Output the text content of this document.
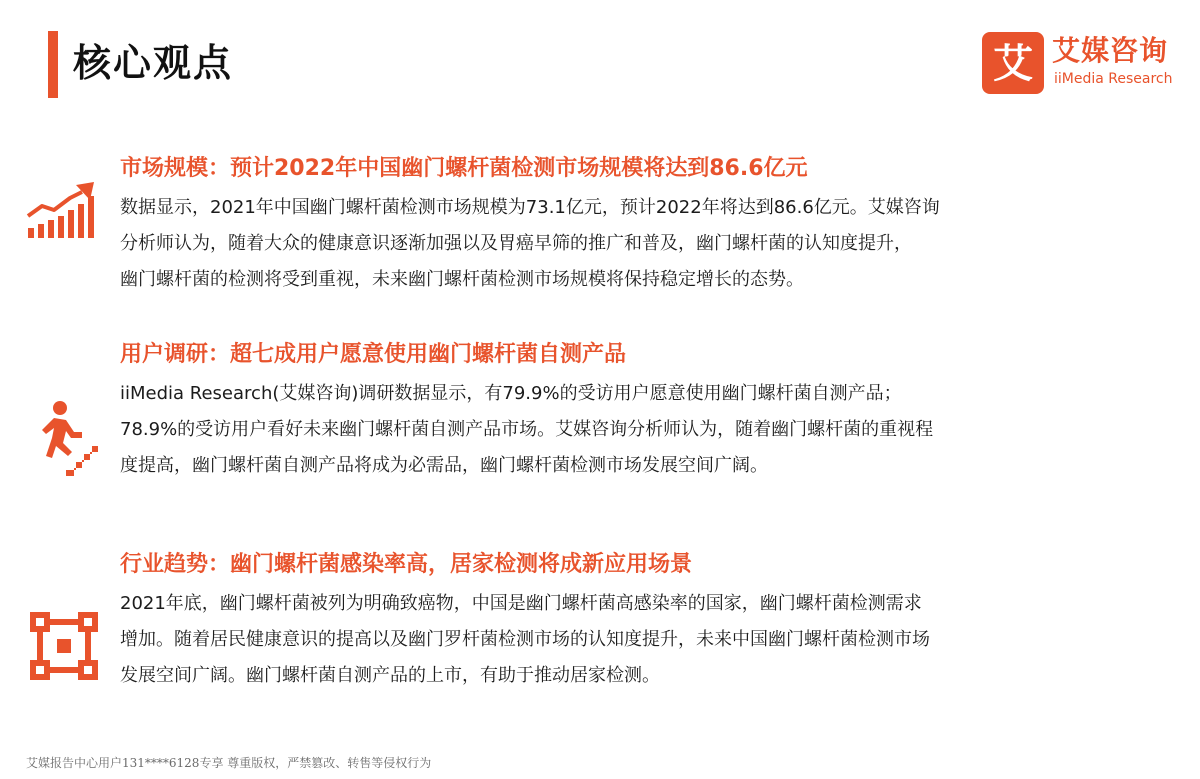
核心观点	艾 艾媒咨询
iiMedia Research
市场规模：预计2022年中国幽门螺杆菌检测市场规模将达到86.6亿元

数据显示，2021年中国幽门螺杆菌检测市场规模为73.1亿元，预计2022年将达到86.6亿元。艾媒咨询

分析师认为，随着大众的健康意识逐渐加强以及胃癌早筛的推广和普及，幽门螺杆菌的认知度提升，

幽门螺杆菌的检测将受到重视，未来幽门螺杆菌检测市场规模将保持稳定增长的态势。

用户调研：超七成用户愿意使用幽门螺杆菌自测产品

iiMedia Research(艾媒咨询)调研数据显示，有79.9%的受访用户愿意使用幽门螺杆菌自测产品；

78.9%的受访用户看好未来幽门螺杆菌自测产品市场。艾媒咨询分析师认为，随着幽门螺杆菌的重视程

度提高，幽门螺杆菌自测产品将成为必需品，幽门螺杆菌检测市场发展空间广阔。

行业趋势：幽门螺杆菌感染率高，居家检测将成新应用场景

2021年底，幽门螺杆菌被列为明确致癌物，中国是幽门螺杆菌高感染率的国家，幽门螺杆菌检测需求

增加。随着居民健康意识的提高以及幽门罗杆菌检测市场的认知度提升，未来中国幽门螺杆菌检测市场

发展空间广阔。幽门螺杆菌自测产品的上市，有助于推动居家检测。

艾媒报告中心用户131****6128专享 尊重版权，严禁篡改、转售等侵权行为
